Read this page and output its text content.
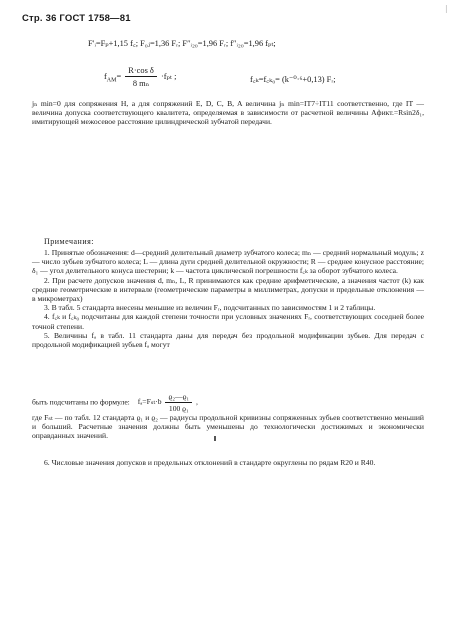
Стр. 36 ГОСТ 1758—81
|
F′ᵢ=Fₚ+1,15 f꜀; F₀ⱼ=1,36 Fᵣ; F″ᵢ₂₀=1,96 Fᵣ; f″ᵢ₂₀=1,96 fₚₜ;
$f_{AM}= \frac{\text{R·cos δ}}{\text{8 mₙ}} \cdot f_{pt}$ ;	f꜀ₖ=f꜀ₖ₀= (k⁻⁰·⁶+0,13) Fᵣ;
jₙ min=0 для сопряжения H, а для сопряжений E, D, C, B, A величина jₙ min=IT7÷IT11 соответственно, где IT — величина допуска соответствующего квалитета, определяемая в зависимости от расчетной величины Aфикт.=Rsin2δ₁, имитирующей межосевое расстояние цилиндрической зубчатой передачи.
Примечания:

1. Принятые обозначения: d—средний делительный диаметр зубчатого колеса; mₙ — средний нормальный модуль; z — число зубьев зубчатого колеса; L — длина дуги средней делительной окружности; R — среднее конусное расстояние; δ₁ — угол делительного конуса шестерни; k — частота циклической погрешности f꜀ₖ за оборот зубчатого колеса.

2. При расчете допусков значения d, mₙ, L, R принимаются как средние арифметические, а значения частот (k) как средние геометрические в интервале (геометрические параметры в миллиметрах, допуски и предельные отклонения — в микрометрах)

3. В табл. 5 стандарта внесены меньшие из величин Fᵣ, подсчитанных по зависимостям 1 и 2 таблицы.

4. f꜀ₖ и f꜀ₖ₀ подсчитаны для каждой степени точности при условных значениях Fᵣ, соответствующих соседней более точной степени.

5. Величины fₐ в табл. 11 стандарта даны для передач без продольной модификации зубьев. Для передач с продольной модификацией зубьев fₐ могут

быть подсчитаны по формуле: $f_a=F_{st}\cdot b \frac{\text{ϱ₂—ϱ₁}}{\text{100 ϱ₁}}$ ,
где Fₛₜ — по табл. 12 стандарта ϱ₁ и ϱ₂ — радиусы продольной кривизны сопряженных зубьев соответственно меньший и больший. Расчетные значения должны быть уменьшены до технологически достижимых и экономически оправданных значений.

6. Числовые значения допусков и предельных отклонений в стандарте округлены по рядам R20 и R40.
